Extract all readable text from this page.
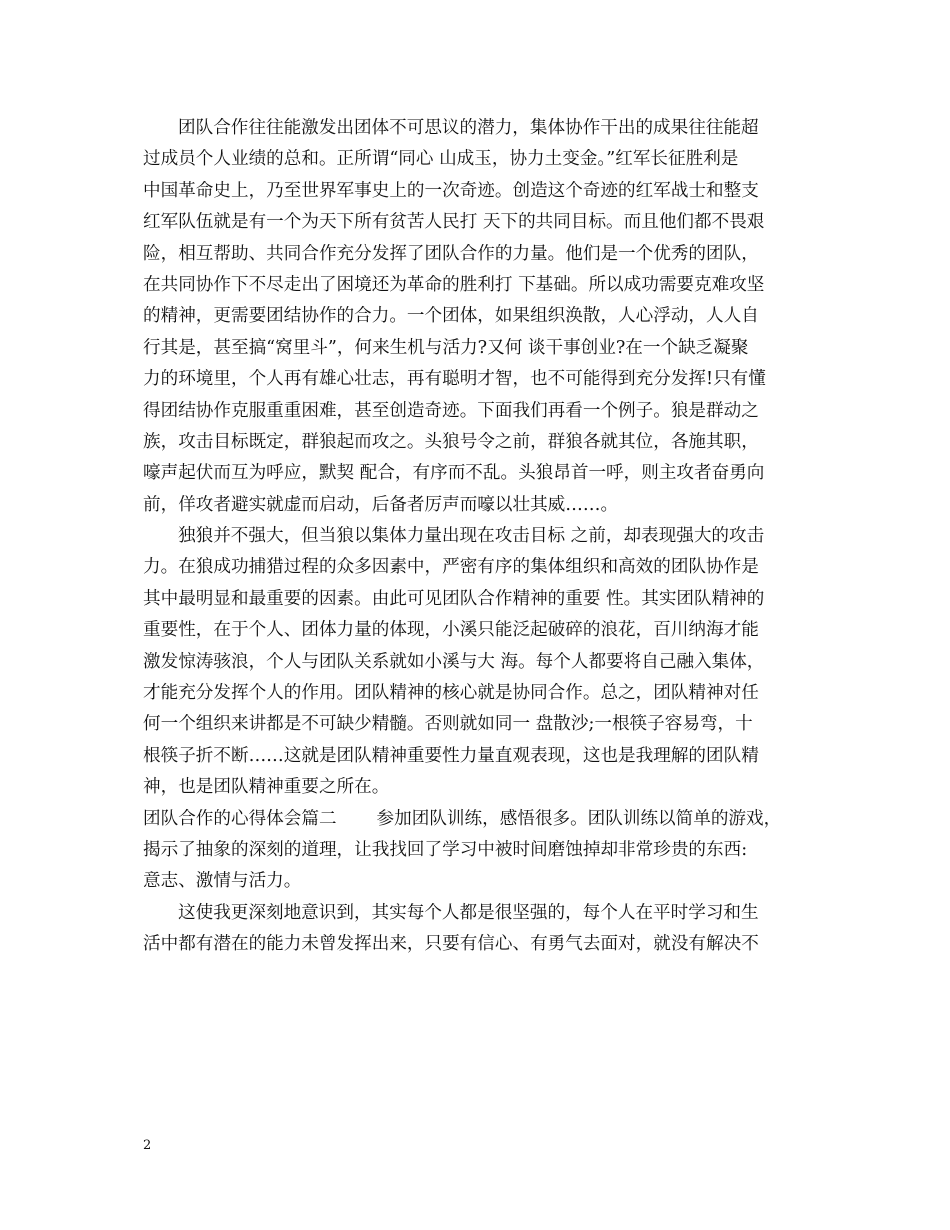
团队合作往往能激发出团体不可思议的潜力，集体协作干出的成果往往能超
过成员个人业绩的总和。正所谓“同心 山成玉，协力土变金。”红军长征胜利是
中国革命史上，乃至世界军事史上的一次奇迹。创造这个奇迹的红军战士和整支
红军队伍就是有一个为天下所有贫苦人民打 天下的共同目标。而且他们都不畏艰
险，相互帮助、共同合作充分发挥了团队合作的力量。他们是一个优秀的团队，
在共同协作下不尽走出了困境还为革命的胜利打 下基础。所以成功需要克难攻坚
的精神，更需要团结协作的合力。一个团体，如果组织涣散，人心浮动，人人自
行其是，甚至搞“窝里斗”，何来生机与活力?又何 谈干事创业?在一个缺乏凝聚
力的环境里，个人再有雄心壮志，再有聪明才智，也不可能得到充分发挥!只有懂
得团结协作克服重重困难，甚至创造奇迹。下面我们再看一个例子。狼是群动之
族，攻击目标既定，群狼起而攻之。头狼号令之前，群狼各就其位，各施其职，
嚎声起伏而互为呼应，默契 配合，有序而不乱。头狼昂首一呼，则主攻者奋勇向
前，佯攻者避实就虚而启动，后备者厉声而嚎以壮其威……。
独狼并不强大，但当狼以集体力量出现在攻击目标 之前，却表现强大的攻击
力。在狼成功捕猎过程的众多因素中，严密有序的集体组织和高效的团队协作是
其中最明显和最重要的因素。由此可见团队合作精神的重要 性。其实团队精神的
重要性，在于个人、团体力量的体现，小溪只能泛起破碎的浪花，百川纳海才能
激发惊涛骇浪，个人与团队关系就如小溪与大 海。每个人都要将自己融入集体，
才能充分发挥个人的作用。团队精神的核心就是协同合作。总之，团队精神对任
何一个组织来讲都是不可缺少精髓。否则就如同一 盘散沙;一根筷子容易弯，十
根筷子折不断……这就是团队精神重要性力量直观表现，这也是我理解的团队精
神，也是团队精神重要之所在。
团队合作的心得体会篇二 参加团队训练，感悟很多。团队训练以简单的游戏，
揭示了抽象的深刻的道理，让我找回了学习中被时间磨蚀掉却非常珍贵的东西:
意志、激情与活力。
这使我更深刻地意识到，其实每个人都是很坚强的，每个人在平时学习和生
活中都有潜在的能力未曾发挥出来，只要有信心、有勇气去面对，就没有解决不
2
